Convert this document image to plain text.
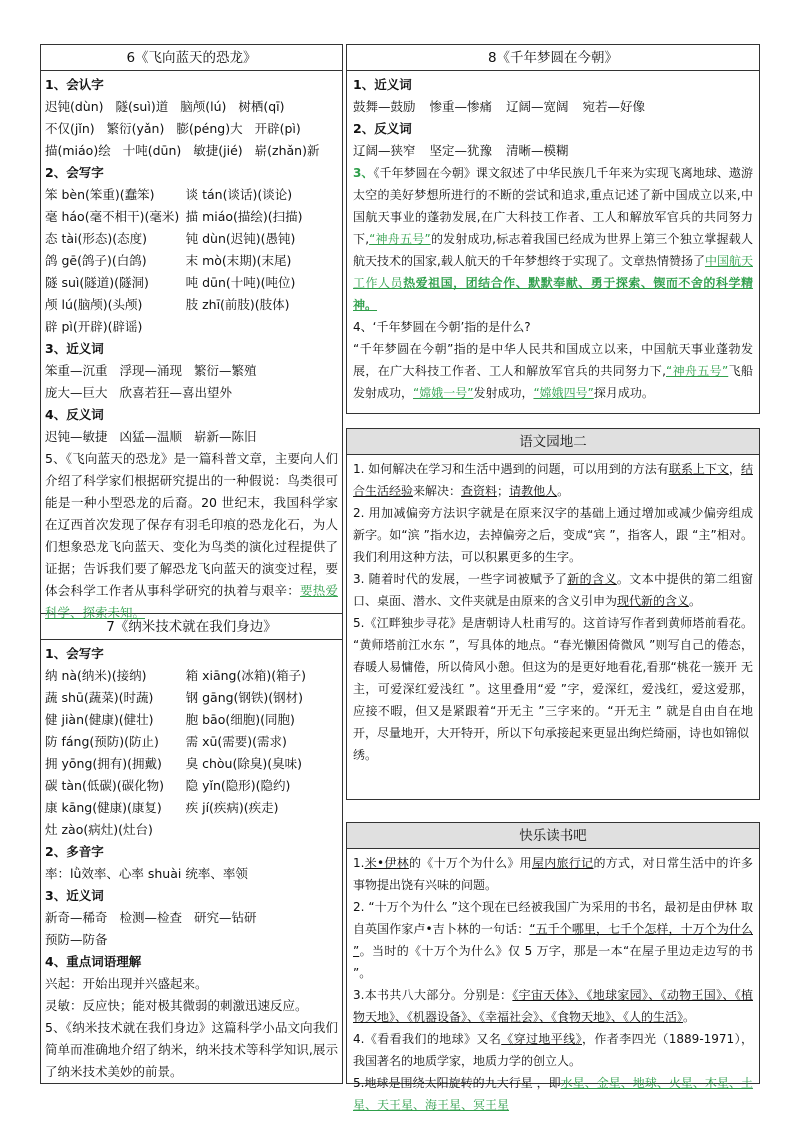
6《飞向蓝天的恐龙》
1、会认字
迟钝(dùn) 隧(suì)道 脑颅(lú) 树栖(qī)
不仅(jǐn) 繁衍(yǎn) 膨(péng)大 开辟(pì)
描(miáo)绘 十吨(dūn) 敏捷(jié) 崭(zhǎn)新
2、会写字
笨 bèn(笨重)(蠢笨)	谈 tán(谈话)(谈论)
毫 háo(毫不相干)(毫米) 描 miáo(描绘)(扫描)
态 tài(形态)(态度)	钝 dùn(迟钝)(愚钝)
鸽 gē(鸽子)(白鸽)	末 mò(末期)(末尾)
隧 suì(隧道)(隧洞)	吨 dūn(十吨)(吨位)
颅 lú(脑颅)(头颅)	肢 zhī(前肢)(肢体)
辟 pì(开辟)(辟谣)
3、近义词
笨重—沉重 浮现—涌现 繁衍—繁殖
庞大—巨大 欣喜若狂—喜出望外
4、反义词
迟钝—敏捷 凶猛—温顺 崭新—陈旧
5、《飞向蓝天的恐龙》是一篇科普文章，主要向人们介绍了科学家们根据研究提出的一种假说：鸟类很可能是一种小型恐龙的后裔。20 世纪末，我国科学家在辽西首次发现了保存有羽毛印痕的恐龙化石，为人们想象恐龙飞向蓝天、变化为鸟类的演化过程提供了证据；告诉我们要了解恐龙飞向蓝天的演变过程，要体会科学工作者从事科学研究的执着与艰辛：要热爱科学、探索未知。
7《纳米技术就在我们身边》
1、会写字
纳 nà(纳米)(接纳)	箱 xiāng(冰箱)(箱子)
蔬 shū(蔬菜)(时蔬)	钢 gāng(钢铁)(钢材)
健 jiàn(健康)(健壮)	胞 bāo(细胞)(同胞)
防 fáng(预防)(防止)	需 xū(需要)(需求)
拥 yōng(拥有)(拥戴)	臭 chòu(除臭)(臭味)
碳 tàn(低碳)(碳化物)	隐 yǐn(隐形)(隐约)
康 kāng(健康)(康复)	疾 jí(疾病)(疾走)
灶 zào(病灶)(灶台)
2、多音字
率：lǜ效率、心率 shuài 统率、率领
3、近义词
新奇—稀奇 检测—检查 研究—钻研
预防—防备
4、重点词语理解
兴起：开始出现并兴盛起来。
灵敏：反应快；能对极其微弱的刺激迅速反应。
5、《纳米技术就在我们身边》这篇科学小品文向我们简单而准确地介绍了纳米，纳米技术等科学知识,展示了纳米技术美妙的前景。
8《千年梦圆在今朝》
1、近义词
鼓舞—鼓励 惨重—惨痛 辽阔—宽阔 宛若—好像
2、反义词
辽阔—狭窄 坚定—犹豫 清晰—模糊
3、《千年梦圆在今朝》课文叙述了中华民族几千年来为实现飞离地球、遨游太空的美好梦想所进行的不断的尝试和追求,重点记述了新中国成立以来,中国航天事业的蓬勃发展,在广大科技工作者、工人和解放军官兵的共同努力下,“神舟五号”的发射成功,标志着我国已经成为世界上第三个独立掌握载人航天技术的国家,载人航天的千年梦想终于实现了。文章热情赞扬了中国航天工作人员热爱祖国，团结合作、默默奉献、勇于探索、锲而不舍的科学精神。
4、‘千年梦圆在今朝’指的是什么?
“千年梦圆在今朝”指的是中华人民共和国成立以来，中国航天事业蓬勃发展，在广大科技工作者、工人和解放军官兵的共同努力下,“神舟五号”飞船发射成功，“嫦娥一号”发射成功，“嫦娥四号”探月成功。
语文园地二
1. 如何解决在学习和生活中遇到的问题，可以用到的方法有联系上下文，结合生活经验来解决：查资料；请教他人。
2. 用加减偏旁方法识字就是在原来汉字的基础上通过增加或减少偏旁组成 新字。如“滨 ”指水边，去掉偏旁之后，变成“宾 ”，指客人，跟 “主”相对。我们利用这种方法，可以积累更多的生字。
3. 随着时代的发展，一些字词被赋予了新的含义。文本中提供的第二组窗口、桌面、潜水、文件夹就是由原来的含义引申为现代新的含义。
5.《江畔独步寻花》是唐朝诗人杜甫写的。这首诗写作者到黄师塔前看花。 “黄师塔前江水东 ”，写具体的地点。“春光懒困倚微风 ”则写自己的倦态， 春暖人易慵倦，所以倚风小憩。但这为的是更好地看花,看那“桃花一簇开 无主，可爱深红爱浅红 ”。这里叠用“爱 ”字，爱深红，爱浅红，爱这爱那， 应接不暇，但又是紧跟着“开无主 ”三字来的。“开无主 ” 就是自由自在地 开，尽量地开，大开特开，所以下句承接起来更显出绚烂绮丽，诗也如锦似
绣。
快乐读书吧
1.米•伊林的《十万个为什么》用屋内旅行记的方式，对日常生活中的许多事物提出饶有兴味的问题。
2. “十万个为什么 ”这个现在已经被我国广为采用的书名，最初是由伊林 取自英国作家卢•吉卜林的一句话：“五千个哪里，七千个怎样，十万个为什么 ”。当时的《十万个为什么》仅 5 万字，那是一本“在屋子里边走边写的书 ”。
3.本书共八大部分。分别是：《宇宙天体》、《地球家园》、《动物王国》、《植物天地》、《机器设备》、《幸福社会》、《食物天地》、《人的生活》。
4.《看看我们的地球》又名《穿过地平线》，作者李四光（1889-1971），我国著名的地质学家，地质力学的创立人。
5.地球是围绕太阳旋转的九大行星 ，即水星、金星、地球、火星、木星、土星、天王星、海王星、冥王星
